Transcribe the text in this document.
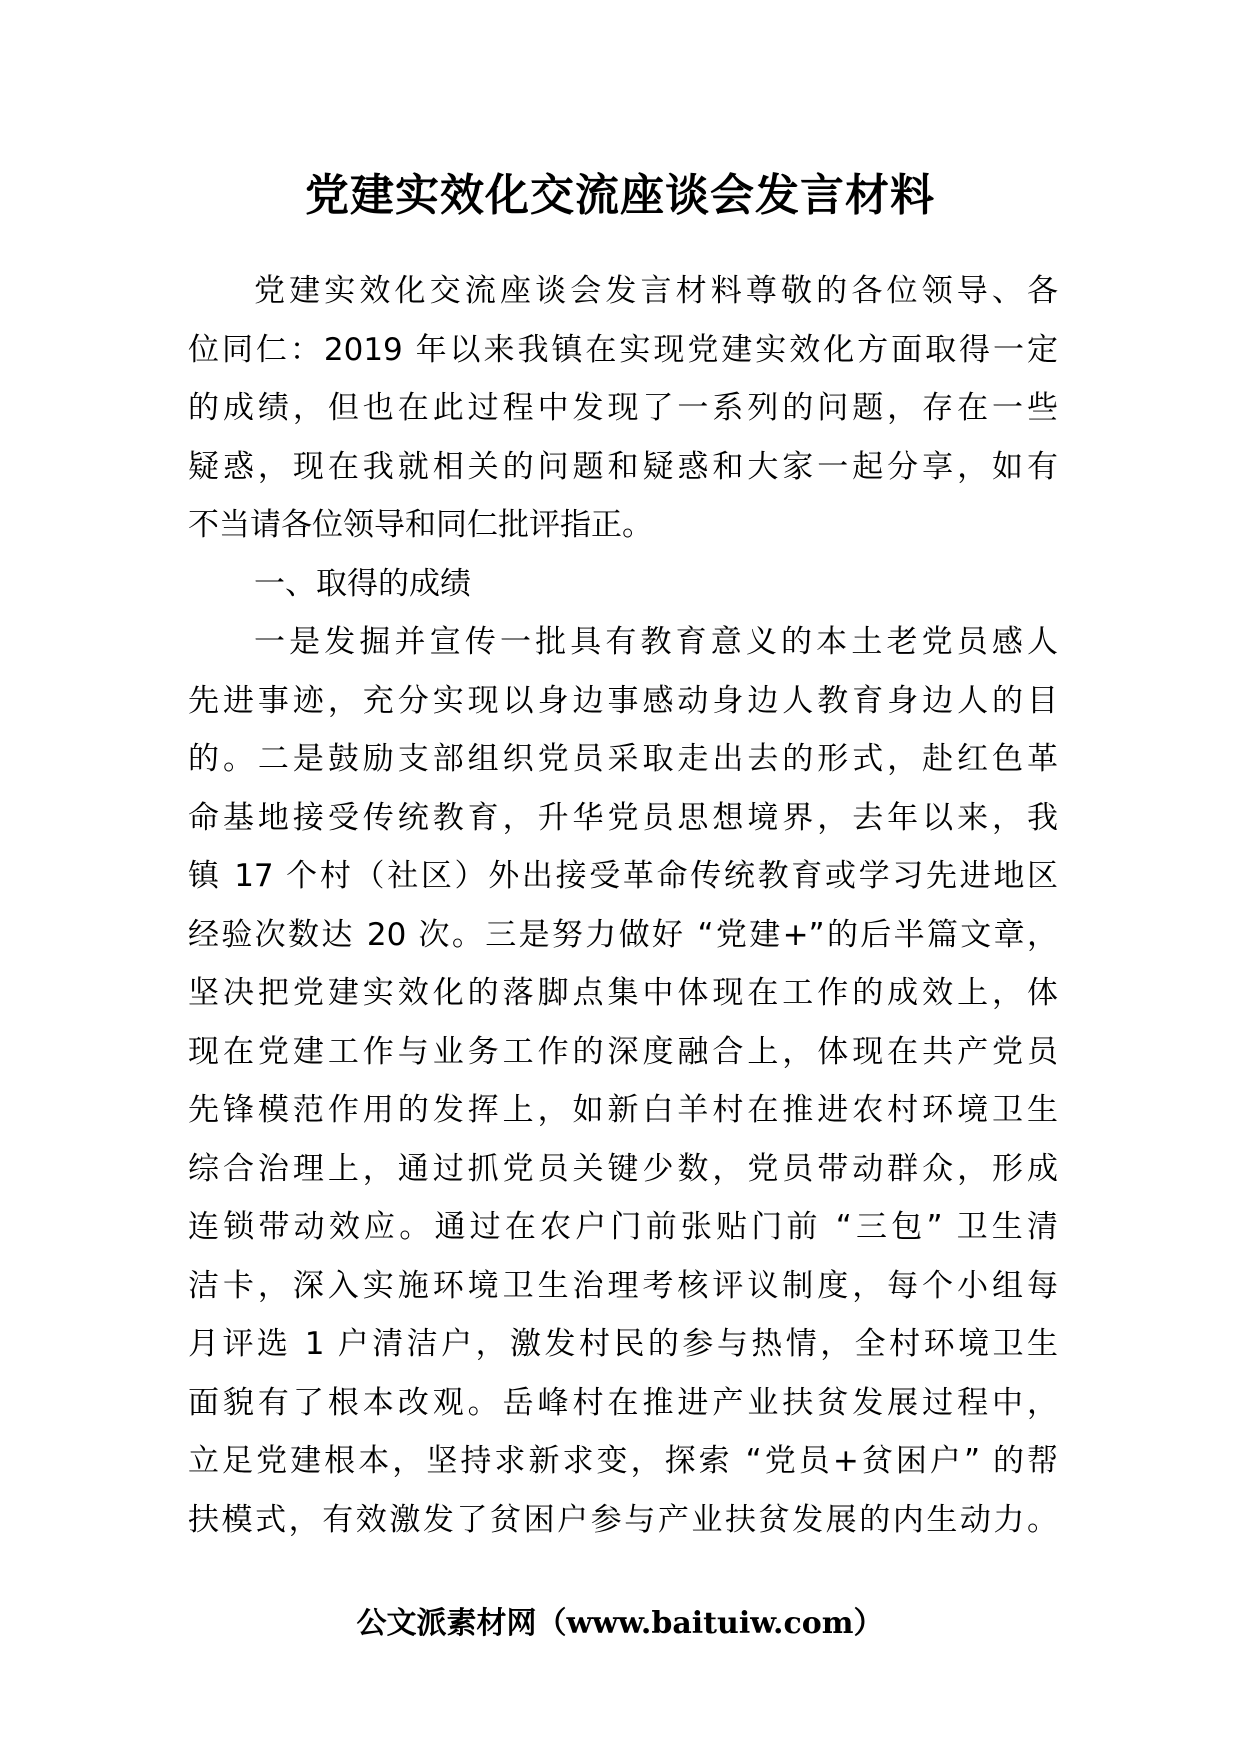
党建实效化交流座谈会发言材料
党建实效化交流座谈会发言材料尊敬的各位领导、各
位同仁：2019 年以来我镇在实现党建实效化方面取得一定
的成绩，但也在此过程中发现了一系列的问题，存在一些
疑惑，现在我就相关的问题和疑惑和大家一起分享，如有
不当请各位领导和同仁批评指正。
一、取得的成绩
一是发掘并宣传一批具有教育意义的本土老党员感人
先进事迹，充分实现以身边事感动身边人教育身边人的目
的。二是鼓励支部组织党员采取走出去的形式，赴红色革
命基地接受传统教育，升华党员思想境界，去年以来，我
镇 17 个村（社区）外出接受革命传统教育或学习先进地区
经验次数达 20 次。三是努力做好 “党建+”的后半篇文章，
坚决把党建实效化的落脚点集中体现在工作的成效上，体
现在党建工作与业务工作的深度融合上，体现在共产党员
先锋模范作用的发挥上，如新白羊村在推进农村环境卫生
综合治理上，通过抓党员关键少数，党员带动群众，形成
连锁带动效应。通过在农户门前张贴门前 “三包” 卫生清
洁卡，深入实施环境卫生治理考核评议制度，每个小组每
月评选 1 户清洁户，激发村民的参与热情，全村环境卫生
面貌有了根本改观。岳峰村在推进产业扶贫发展过程中，
立足党建根本，坚持求新求变，探索 “党员+贫困户” 的帮
扶模式，有效激发了贫困户参与产业扶贫发展的内生动力。
公文派素材网（www.baituiw.com）
